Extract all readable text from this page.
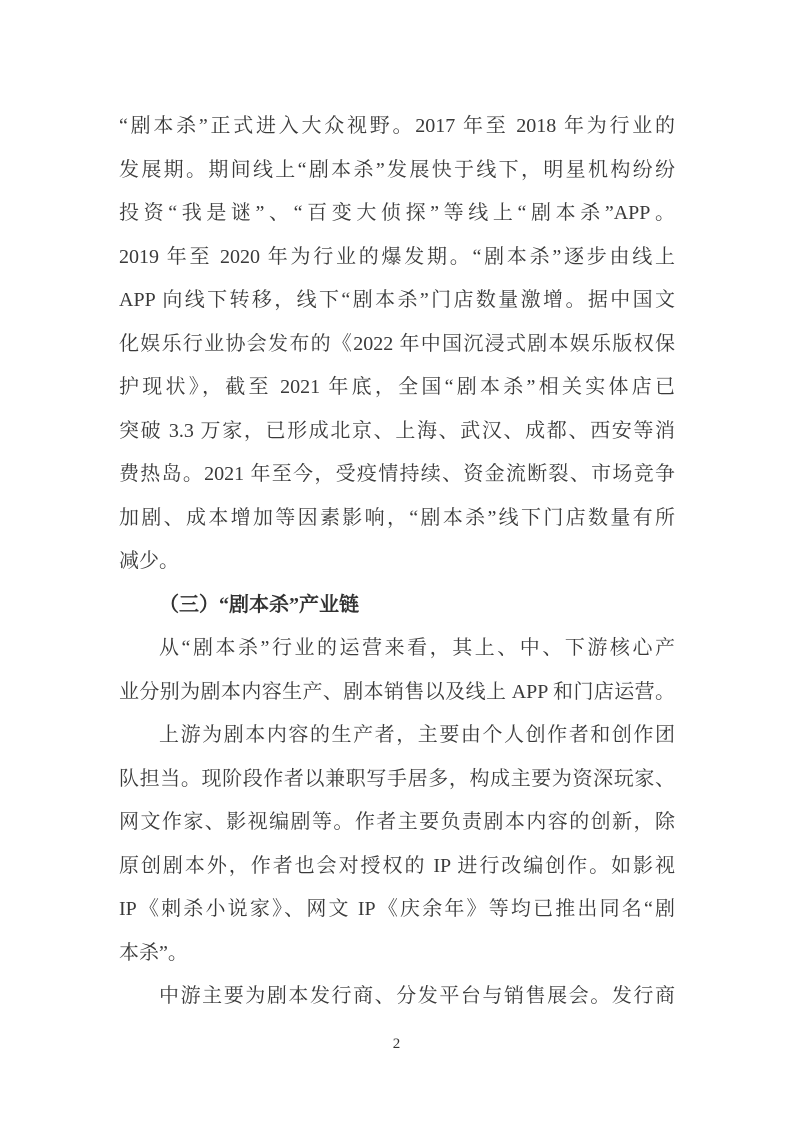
“剧本杀”正式进入大众视野。2017 年至 2018 年为行业的
发展期。期间线上“剧本杀”发展快于线下，明星机构纷纷
投资“我是谜”、“百变大侦探”等线上“剧本杀”APP。
2019 年至 2020 年为行业的爆发期。“剧本杀”逐步由线上
APP 向线下转移，线下“剧本杀”门店数量激增。据中国文
化娱乐行业协会发布的《2022 年中国沉浸式剧本娱乐版权保
护现状》，截至 2021 年底，全国“剧本杀”相关实体店已
突破 3.3 万家，已形成北京、上海、武汉、成都、西安等消
费热岛。2021 年至今，受疫情持续、资金流断裂、市场竞争
加剧、成本增加等因素影响，“剧本杀”线下门店数量有所
减少。
（三）“剧本杀”产业链
从“剧本杀”行业的运营来看，其上、中、下游核心产
业分别为剧本内容生产、剧本销售以及线上 APP 和门店运营。
上游为剧本内容的生产者，主要由个人创作者和创作团
队担当。现阶段作者以兼职写手居多，构成主要为资深玩家、
网文作家、影视编剧等。作者主要负责剧本内容的创新，除
原创剧本外，作者也会对授权的 IP 进行改编创作。如影视
IP《刺杀小说家》、网文 IP《庆余年》等均已推出同名“剧
本杀”。
中游主要为剧本发行商、分发平台与销售展会。发行商
2
